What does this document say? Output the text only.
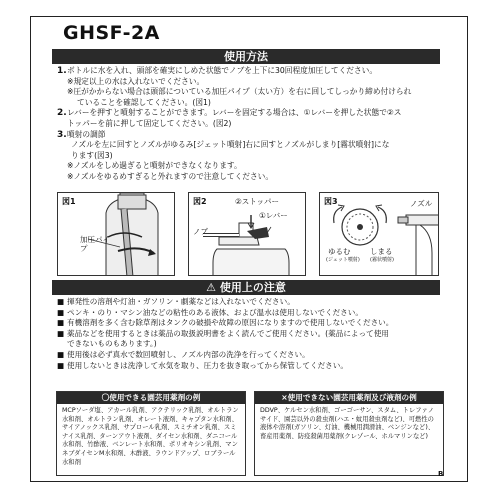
GHSF-2A
使用方法
1. ボトルに水を入れ、頭部を確実にしめた状態でノブを上下に30回程度加圧してください。
※規定以上の水は入れないでください。
※圧がかからない場合は頭部についている加圧パイプ（太い方）を右に回してしっかり締め付けられ
ていることを確認してください。(図1)
2. レバーを押すと噴射することができます。レバーを固定する場合は、①レバーを押した状態で②ス
トッパーを前に押して固定してください。(図2)
3. 噴射の調節
ノズルを左に回すとノズルがゆるみ[ジェット噴射]右に回すとノズルがしまり[霧状噴射]にな
ります(図3)
※ノズルをしめ過ぎると噴射ができなくなります。
※ノズルをゆるめすぎると外れますので注意してください。
図1
加圧パイプ
図2	②ストッパー
①レバー
ノブ
図3	ノズル
ゆるむ
(ジェット噴射)
しまる
(霧状噴射)
⚠ 使用上の注意
■ 揮発性の溶剤や灯油・ガソリン・劇薬などは入れないでください。
■ ペンキ・のり・マシン油などの粘性のある液体、および温水は使用しないでください。
■ 有機溶剤を多く含む除草剤はタンクの破損や故障の原因になりますので使用しないでください。
■ 薬品などを使用するときは薬品の取扱説明書をよく読んでご使用ください。(薬品によって使用
できないものもあります。)
■ 使用後は必ず真水で数回噴射し、ノズル内部の洗浄を行ってください。
■ 使用しないときは洗浄して水気を取り、圧力を抜き取ってから保管してください。
〇使用できる園芸用薬剤の例
MCPソーダ塩、アカール乳剤、アクテリック乳剤、オルトラン水和剤、オルトラン乳剤、オレート液剤、キャプタン水和剤、サイアノックス乳剤、サプロール乳剤、スミチオン乳剤、スミナイス乳剤、ターンアウト液剤、ダイセン水和剤、ダニコール水和剤、竹酢液、ベンレート水和剤、ポリオキシン乳剤、マンネブダイセンM水和剤、木酢液、ラウンドアップ、ロブラール水和剤
×使用できない園芸用薬剤及び液剤の例
DDVP、ケルセン水和剤、ゴーゴーサン、スタム、トレファノサイド、園芸以外の殺虫剤(ハエ・蚊用殺虫剤など)、可燃性の液体や溶剤(ガソリン、灯油、機械用潤滑油、ベンジンなど)、畜産用薬剤、防疫殺菌用薬剤(クレゾール、ホルマリンなど)
B
